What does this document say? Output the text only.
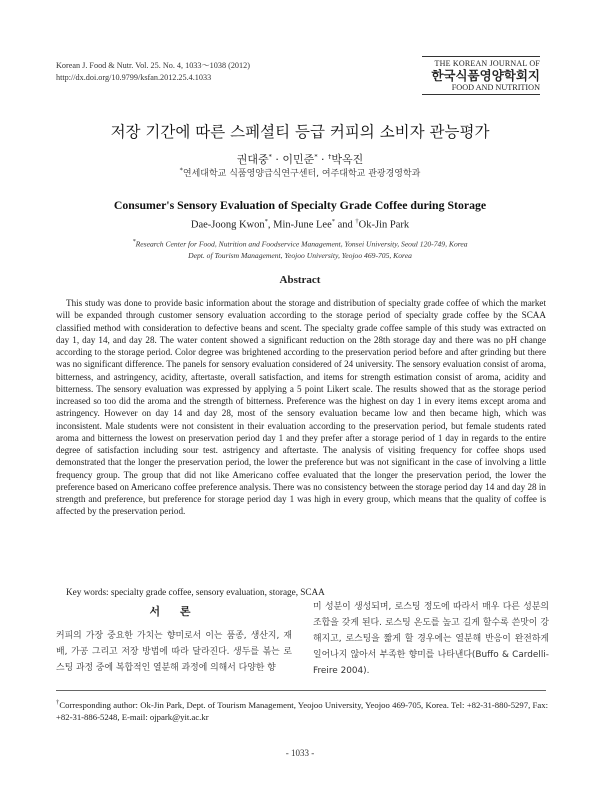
Korean J. Food & Nutr. Vol. 25. No. 4, 1033～1038 (2012)
http://dx.doi.org/10.9799/ksfan.2012.25.4.1033
THE KOREAN JOURNAL OF
한국식품영양학회지
FOOD AND NUTRITION
저장 기간에 따른 스페셜티 등급 커피의 소비자 관능평가
권대중* · 이민준* · †박옥진
*연세대학교 식품영양급식연구센터, 여주대학교 관광경영학과
Consumer's Sensory Evaluation of Specialty Grade Coffee during Storage
Dae-Joong Kwon*, Min-June Lee* and †Ok-Jin Park
*Research Center for Food, Nutrition and Foodservice Management, Yonsei University, Seoul 120-749, Korea
Dept. of Tourism Management, Yeojoo University, Yeojoo 469-705, Korea
Abstract

This study was done to provide basic information about the storage and distribution of specialty grade coffee of which the market will be expanded through customer sensory evaluation according to the storage period of specialty grade coffee by the SCAA classified method with consideration to defective beans and scent. The specialty grade coffee sample of this study was extracted on day 1, day 14, and day 28. The water content showed a significant reduction on the 28th storage day and there was no pH change according to the storage period. Color degree was brightened according to the preservation period before and after grinding but there was no significant difference. The panels for sensory evaluation considered of 24 university. The sensory evaluation consist of aroma, bitterness, and astringency, acidity, aftertaste, overall satisfaction, and items for strength estimation consist of aroma, acidity and bitterness. The sensory evaluation was expressed by applying a 5 point Likert scale. The results showed that as the storage period increased so too did the aroma and the strength of bitterness. Preference was the highest on day 1 in every items except aroma and astringency. However on day 14 and day 28, most of the sensory evaluation became low and then became high, which was inconsistent. Male students were not consistent in their evaluation according to the preservation period, but female students rated aroma and bitterness the lowest on preservation period day 1 and they prefer after a storage period of 1 day in regards to the entire degree of satisfaction including sour test. astrigency and aftertaste. The analysis of visiting frequency for coffee shops used demonstrated that the longer the preservation period, the lower the preference but was not significant in the case of involving a little frequency group. The group that did not like Americano coffee evaluated that the longer the preservation period, the lower the preference based on Americano coffee preference analysis. There was no consistency between the storage period day 14 and day 28 in strength and preference, but preference for storage period day 1 was high in every group, which means that the quality of coffee is affected by the preservation period.

Key words: specialty grade coffee, sensory evaluation, storage, SCAA
서 론
커피의 가장 중요한 가치는 향미로서 이는 품종, 생산지, 재배, 가공 그리고 저장 방법에 따라 달라진다. 생두를 볶는 로스팅 과정 중에 복합적인 열분해 과정에 의해서 다양한 향
미 성분이 생성되며, 로스팅 정도에 따라서 매우 다른 성분의 조합을 갖게 된다. 로스팅 온도를 높고 길게 할수록 쓴맛이 강해지고, 로스팅을 짧게 할 경우에는 열분해 반응이 완전하게 일어나지 않아서 부족한 향미를 나타낸다(Buffo & Cardelli-Freire 2004).
†Corresponding author: Ok-Jin Park, Dept. of Tourism Management, Yeojoo University, Yeojoo 469-705, Korea. Tel: +82-31-880-5297, Fax: +82-31-886-5248, E-mail: ojpark@yit.ac.kr
- 1033 -
